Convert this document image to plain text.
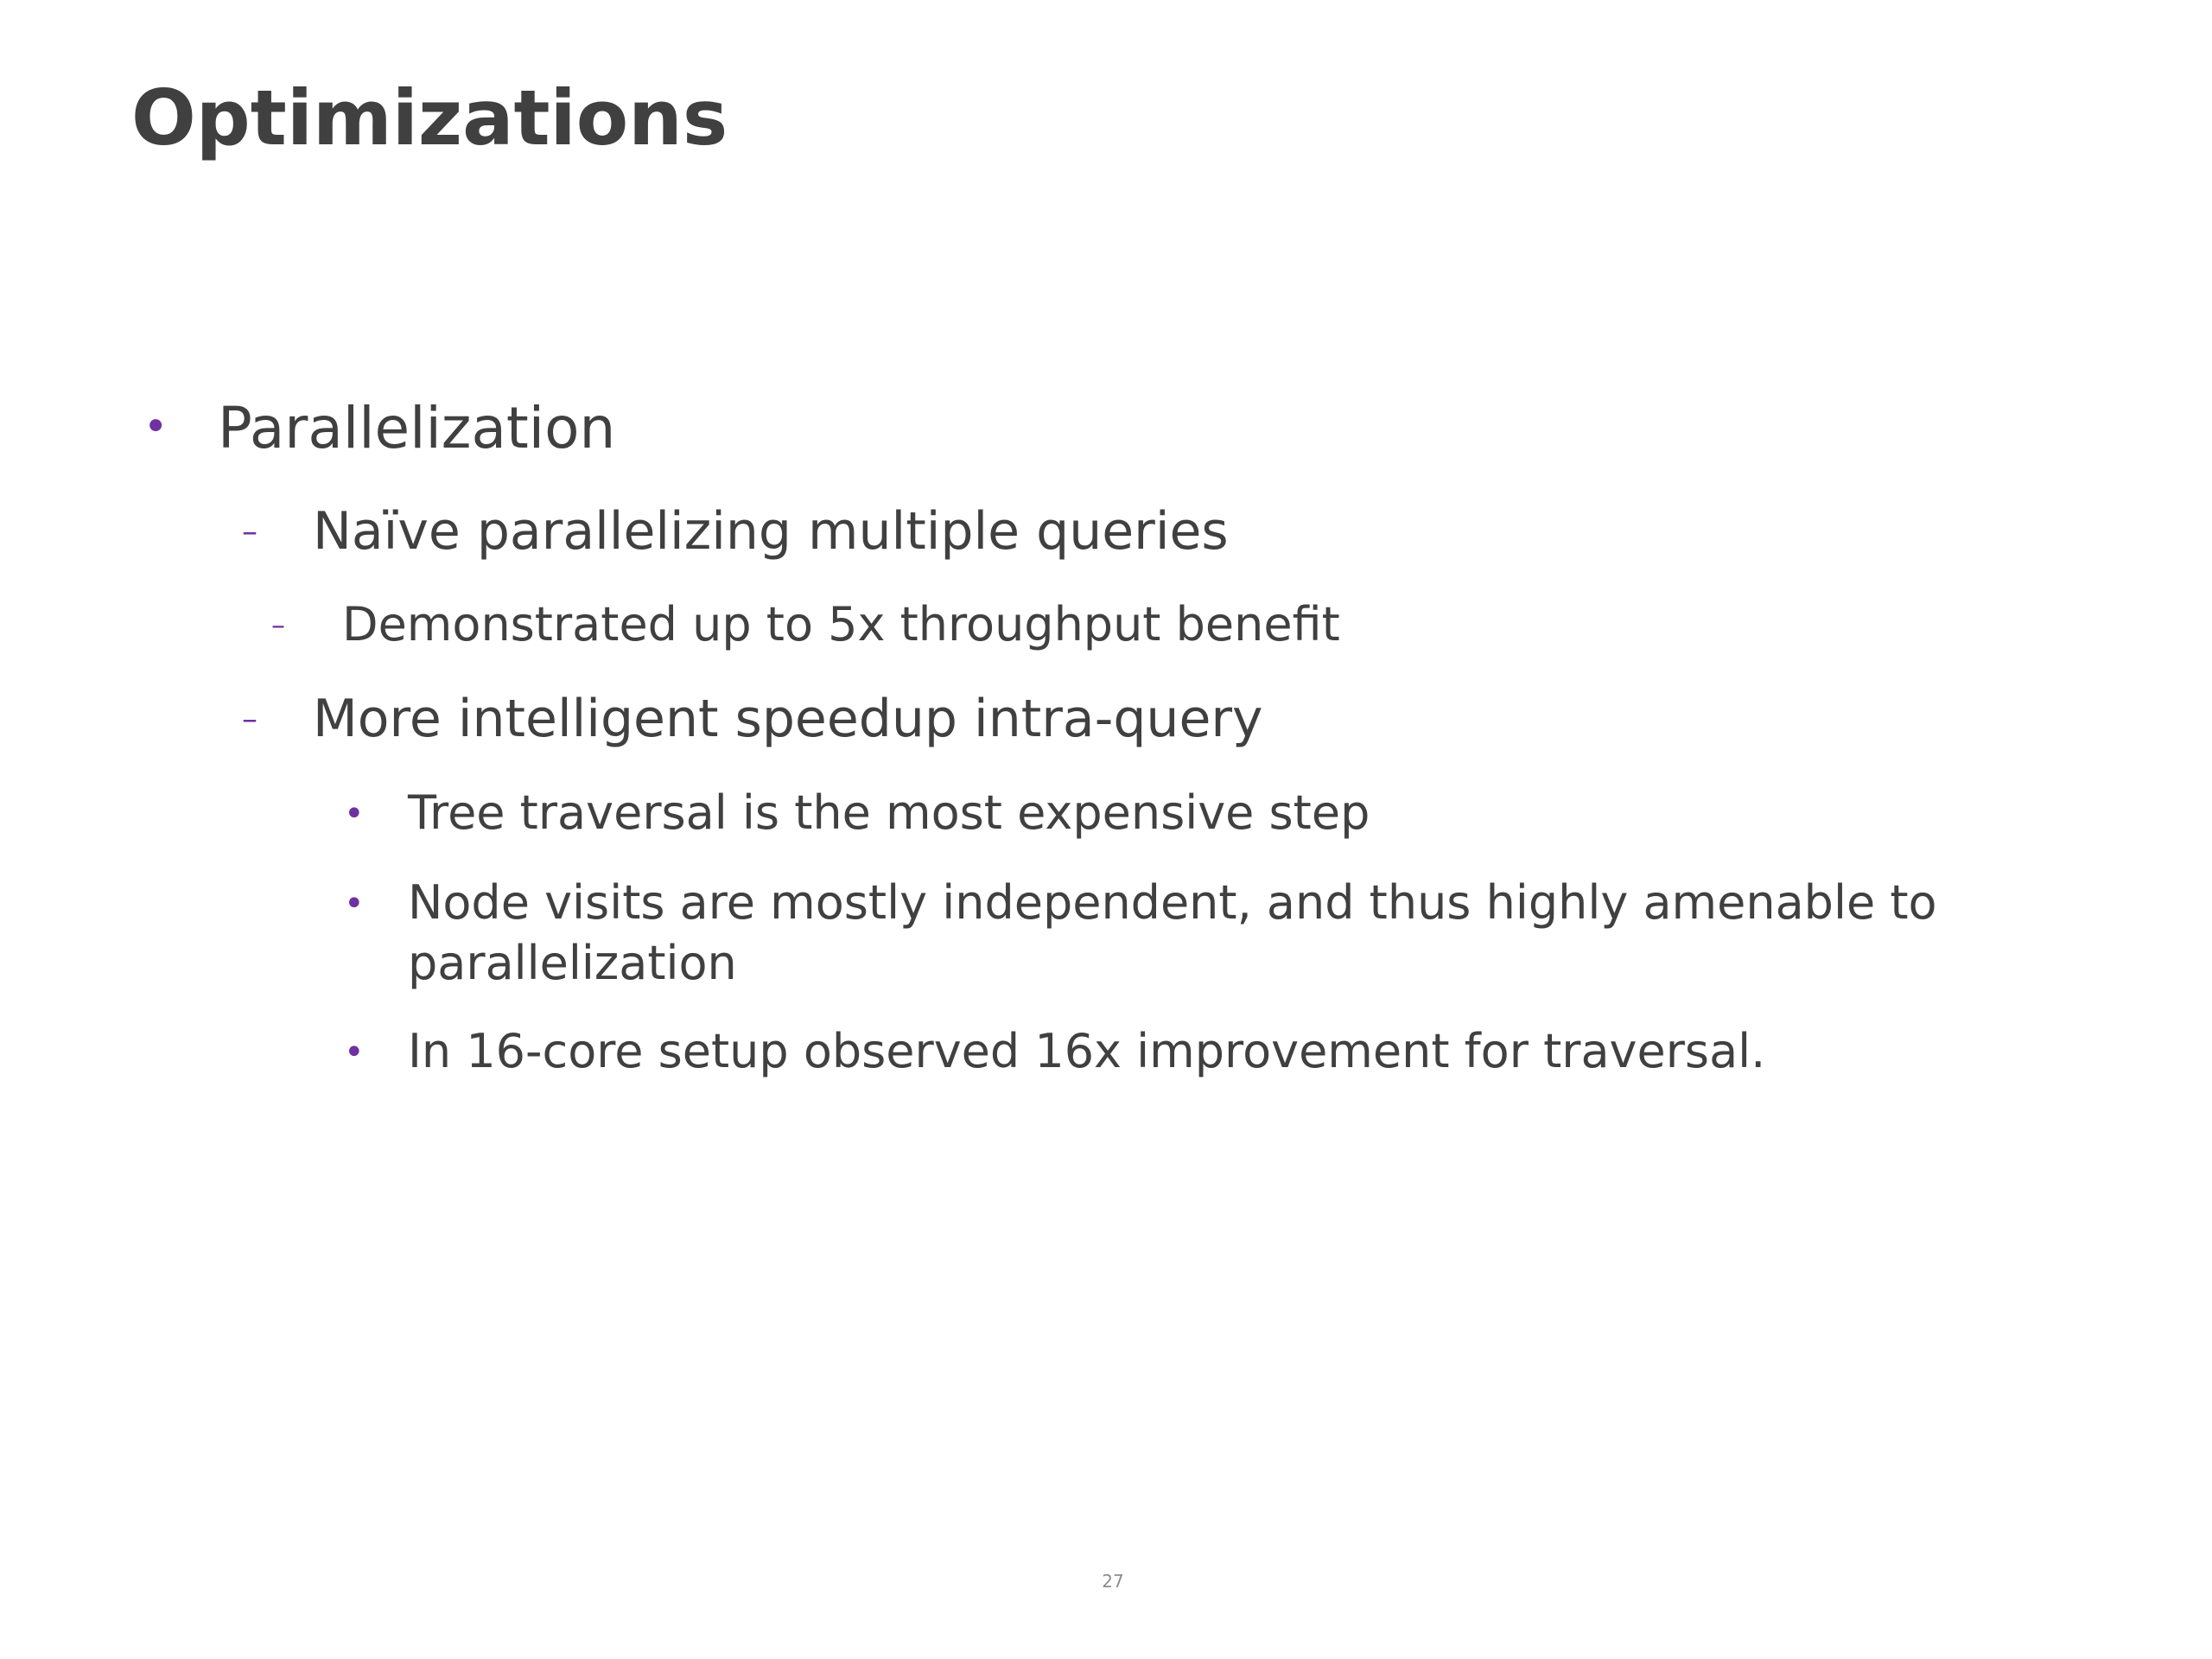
Optimizations
• Parallelization
– Naïve parallelizing multiple queries
– Demonstrated up to 5x throughput benefit
– More intelligent speedup intra-query
• Tree traversal is the most expensive step
• Node visits are mostly independent, and thus highly amenable to parallelization
• In 16-core setup observed 16x improvement for traversal.
27
